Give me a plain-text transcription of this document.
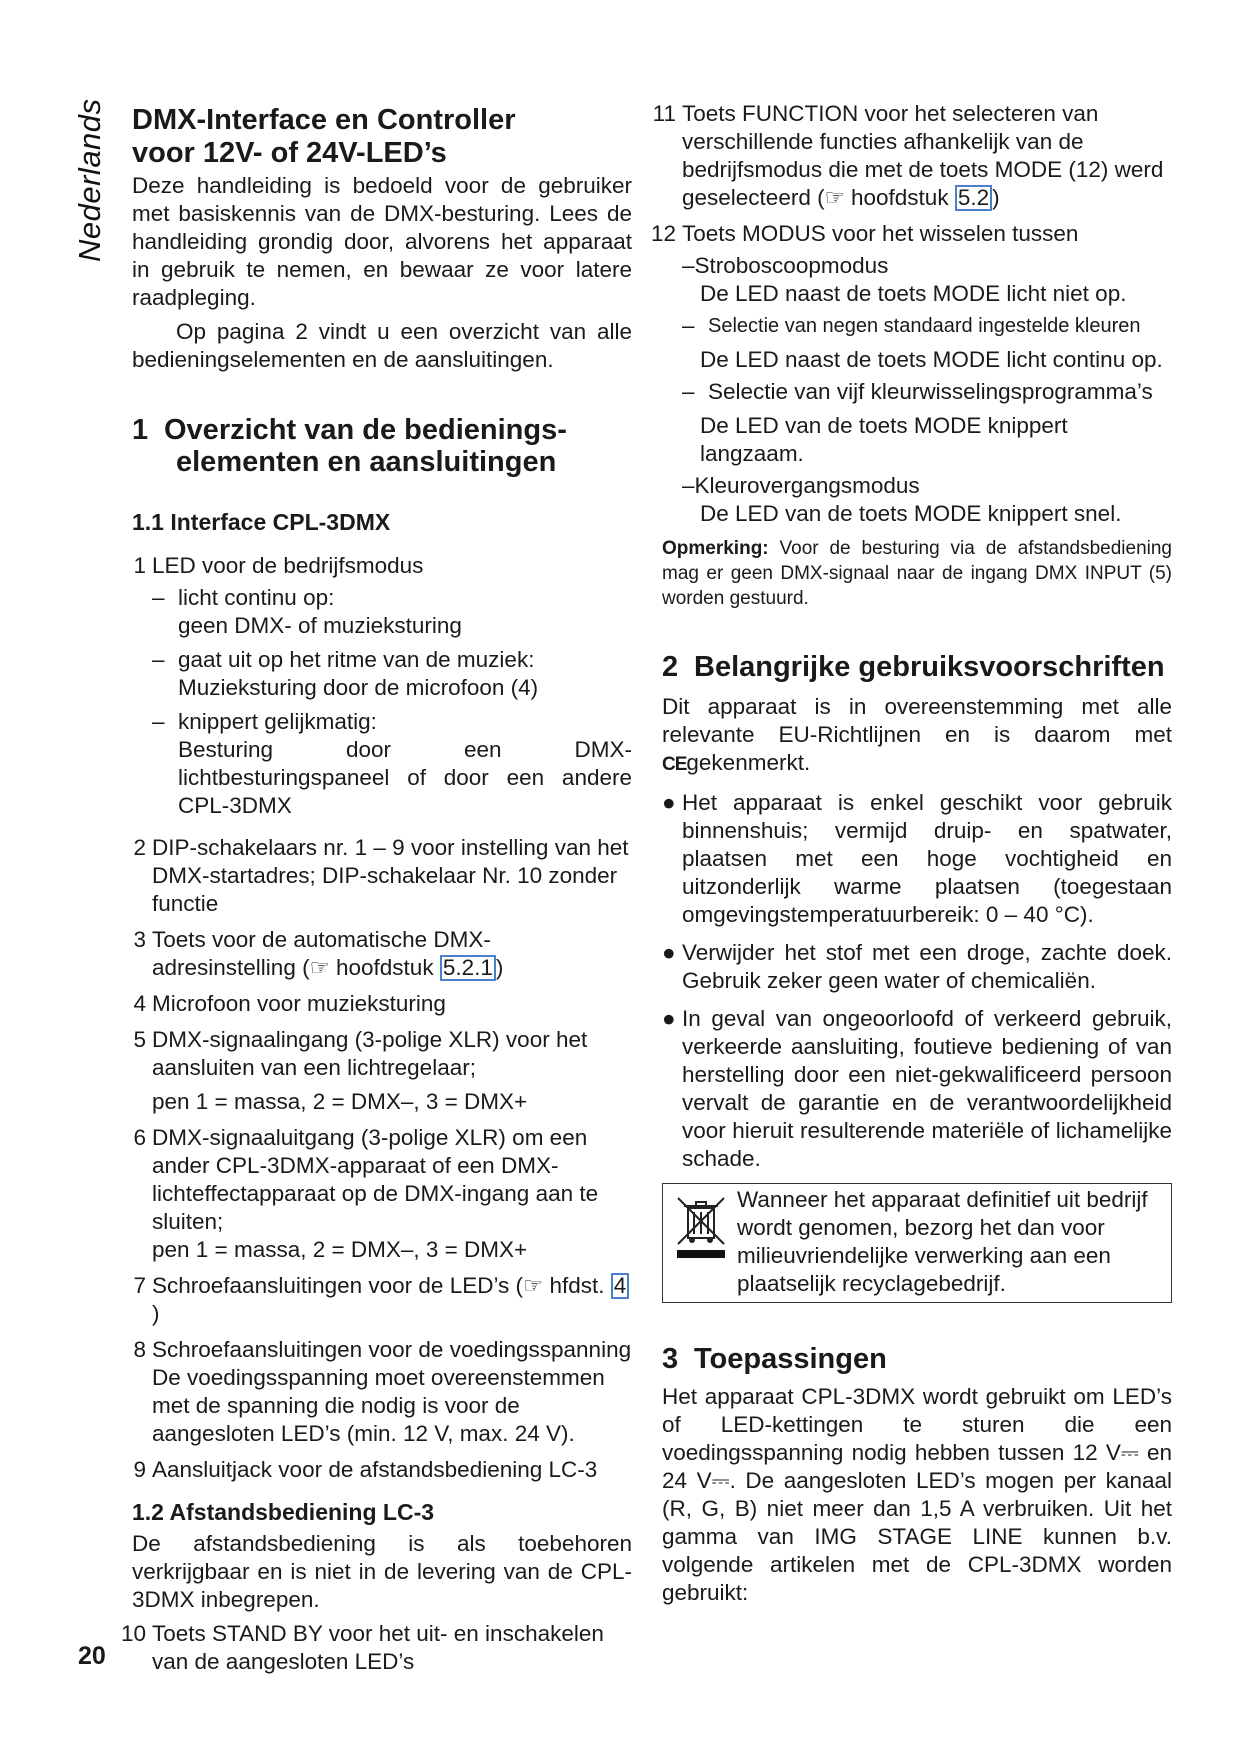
Nederlands
20
DMX-Interface en Controller
voor 12V- of 24V-LED’s

Deze handleiding is bedoeld voor de gebruiker met basiskennis van de DMX-besturing. Lees de handleiding grondig door, alvorens het apparaat in gebruik te nemen, en bewaar ze voor latere raadpleging.

Op pagina 2 vindt u een overzicht van alle bedieningselementen en de aansluitingen.

1 Overzicht van de bedienings-
elementen en aansluitingen
1.1 Interface CPL-3DMX
1 LED voor de bedrijfsmodus
– licht continu op:
geen DMX- of muzieksturing
– gaat uit op het ritme van de muziek:
Muzieksturing door de microfoon (4)
– knippert gelijkmatig:
Besturing door een DMX-lichtbesturingspaneel of door een andere CPL-3DMX
2 DIP-schakelaars nr. 1 – 9 voor instelling van het DMX-startadres; DIP-schakelaar Nr. 10 zonder functie
3 Toets voor de automatische DMX-adresinstelling (☞ hoofdstuk 5.2.1 )
4 Microfoon voor muzieksturing
5 DMX-signaalingang (3-polige XLR) voor het aansluiten van een lichtregelaar;
pen 1 = massa, 2 = DMX–, 3 = DMX+
6 DMX-signaaluitgang (3-polige XLR) om een ander CPL-3DMX-apparaat of een DMX-lichteffectapparaat op de DMX-ingang aan te sluiten;
pen 1 = massa, 2 = DMX–, 3 = DMX+
7 Schroefaansluitingen voor de LED’s (☞ hfdst. 4)
8 Schroefaansluitingen voor de voedingsspanning
De voedingsspanning moet overeenstemmen met de spanning die nodig is voor de aangesloten LED’s (min. 12 V, max. 24 V).
9 Aansluitjack voor de afstandsbediening LC-3
1.2 Afstandsbediening LC-3

De afstandsbediening is als toebehoren verkrijgbaar en is niet in de levering van de CPL-3DMX inbegrepen.

10 Toets STAND BY voor het uit- en inschakelen van de aangesloten LED’s
11 Toets FUNCTION voor het selecteren van verschillende functies afhankelijk van de bedrijfsmodus die met de toets MODE (12) werd geselecteerd (☞ hoofdstuk 5.2 )
12 Toets MODUS voor het wisselen tussen
–Stroboscoopmodus
De LED naast de toets MODE licht niet op.
– Selectie van negen standaard ingestelde kleuren
De LED naast de toets MODE licht continu op.
– Selectie van vijf kleurwisselingsprogramma’s
De LED van de toets MODE knippert langzaam.
–Kleurovergangsmodus
De LED van de toets MODE knippert snel.

Opmerking: Voor de besturing via de afstandsbediening mag er geen DMX-signaal naar de ingang DMX INPUT (5) worden gestuurd.

2 Belangrijke gebruiksvoorschriften

Dit apparaat is in overeenstemming met alle relevante EU-Richtlijnen en is daarom met CEgekenmerkt.

● Het apparaat is enkel geschikt voor gebruik binnenshuis; vermijd druip- en spatwater, plaatsen met een hoge vochtigheid en uitzonderlijk warme plaatsen (toegestaan omgevingstemperatuurbereik: 0 – 40 °C).
● Verwijder het stof met een droge, zachte doek. Gebruik zeker geen water of chemicaliën.
● In geval van ongeoorloofd of verkeerd gebruik, verkeerde aansluiting, foutieve bediening of van herstelling door een niet-gekwalificeerd persoon vervalt de garantie en de verantwoordelijkheid voor hieruit resulterende materiële of lichamelijke schade.
Wanneer het apparaat definitief uit bedrijf wordt genomen, bezorg het dan voor milieuvriendelijke verwerking aan een plaatselijk recyclagebedrijf.
3 Toepassingen

Het apparaat CPL-3DMX wordt gebruikt om LED’s of LED-kettingen te sturen die een voedingsspanning nodig hebben tussen 12 V⎓ en 24 V⎓. De aangesloten LED’s mogen per kanaal (R, G, B) niet meer dan 1,5 A verbruiken. Uit het gamma van IMG STAGE LINE kunnen b.v. volgende artikelen met de CPL-3DMX worden gebruikt:
